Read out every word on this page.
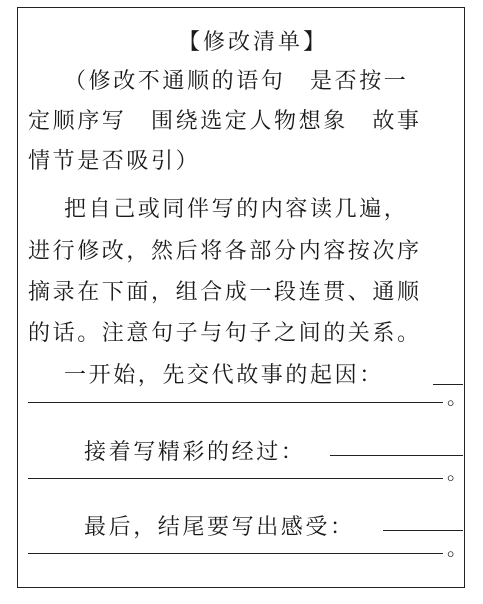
【修改清单】
（修改不通顺的语句　是否按一
定顺序写　围绕选定人物想象　故事
情节是否吸引）
把自己或同伴写的内容读几遍，
进行修改，然后将各部分内容按次序
摘录在下面，组合成一段连贯、通顺
的话。注意句子与句子之间的关系。
一开始，先交代故事的起因：
。
接着写精彩的经过：
。
最后，结尾要写出感受：
。
